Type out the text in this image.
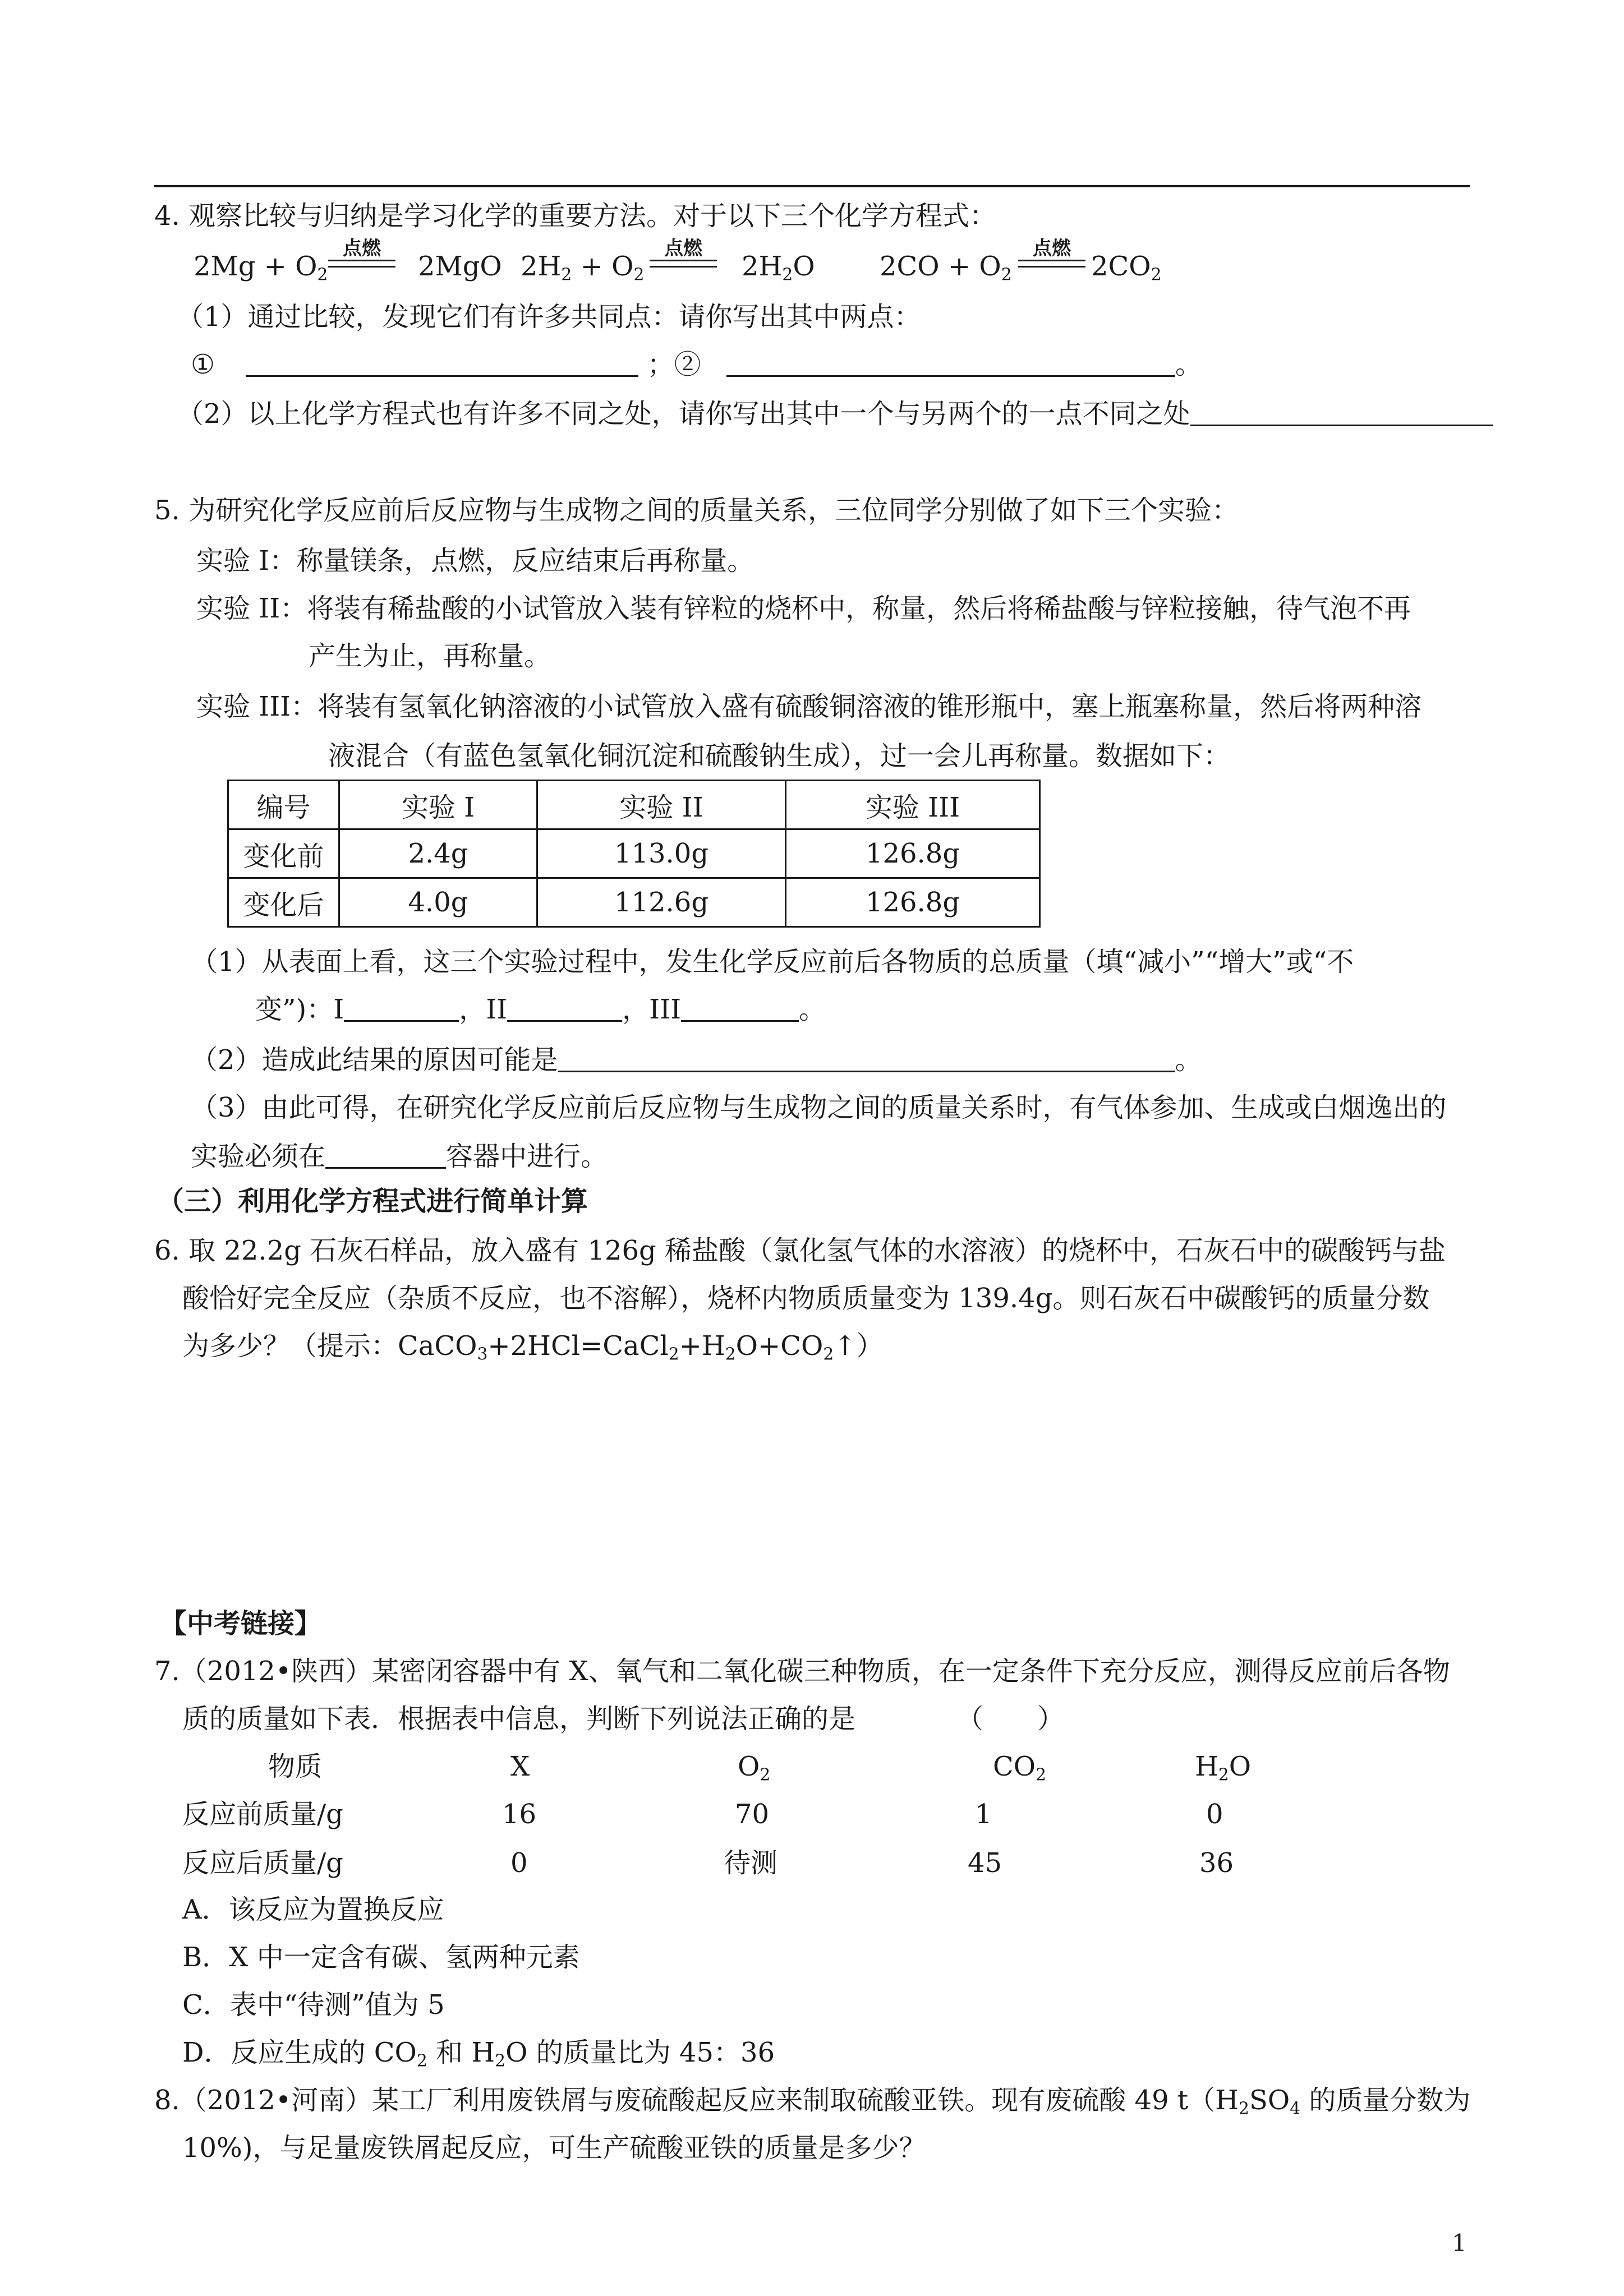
4. 观察比较与归纳是学习化学的重要方法。对于以下三个化学方程式：
$2Mg + O_2$
点燃
2MgO $2H_2 + O_2$
点燃
$2H_2O$ $2CO + O_2$
点燃
$2CO_2$
（1）通过比较，发现它们有许多共同点：请你写出其中两点：
①	；②	。
（2）以上化学方程式也有许多不同之处，请你写出其中一个与另两个的一点不同之处
5. 为研究化学反应前后反应物与生成物之间的质量关系，三位同学分别做了如下三个实验：
实验 I：称量镁条，点燃，反应结束后再称量。
实验 II：将装有稀盐酸的小试管放入装有锌粒的烧杯中，称量，然后将稀盐酸与锌粒接触，待气泡不再
产生为止，再称量。
实验 III：将装有氢氧化钠溶液的小试管放入盛有硫酸铜溶液的锥形瓶中，塞上瓶塞称量，然后将两种溶
液混合（有蓝色氢氧化铜沉淀和硫酸钠生成），过一会儿再称量。数据如下：
编号	实验 I	实验 II	实验 III
变化前	2.4g	113.0g	126.8g
变化后	4.0g	112.6g	126.8g
（1）从表面上看，这三个实验过程中，发生化学反应前后各物质的总质量（填“减小”“增大”或“不
变”)：I	，II	，III	。
（2）造成此结果的原因可能是	。
（3）由此可得，在研究化学反应前后反应物与生成物之间的质量关系时，有气体参加、生成或白烟逸出的
实验必须在	容器中进行。
（三）利用化学方程式进行简单计算
6. 取 22.2g 石灰石样品，放入盛有 126g 稀盐酸（氯化氢气体的水溶液）的烧杯中，石灰石中的碳酸钙与盐
酸恰好完全反应（杂质不反应，也不溶解），烧杯内物质质量变为 139.4g。则石灰石中碳酸钙的质量分数
为多少？（提示：$CaCO_3+2HCl=CaCl_2+H_2O+CO_2↑$）
【中考链接】
7.（2012•陕西）某密闭容器中有 X、氧气和二氧化碳三种物质，在一定条件下充分反应，测得反应前后各物
质的质量如下表．根据表中信息，判断下列说法正确的是	（　　）
物质	X	$O_2$	$CO_2$	$H_2O$
反应前质量/g	16	70	1	0
反应后质量/g	0	待测	45	36
A．该反应为置换反应
B．X 中一定含有碳、氢两种元素
C．表中“待测”值为 5
D．反应生成的 $CO_2$ 和 $H_2O$ 的质量比为 45：36
8.（2012•河南）某工厂利用废铁屑与废硫酸起反应来制取硫酸亚铁。现有废硫酸 49 $t(H_2SO_4$ 的质量分数为
10%)，与足量废铁屑起反应，可生产硫酸亚铁的质量是多少？
1
